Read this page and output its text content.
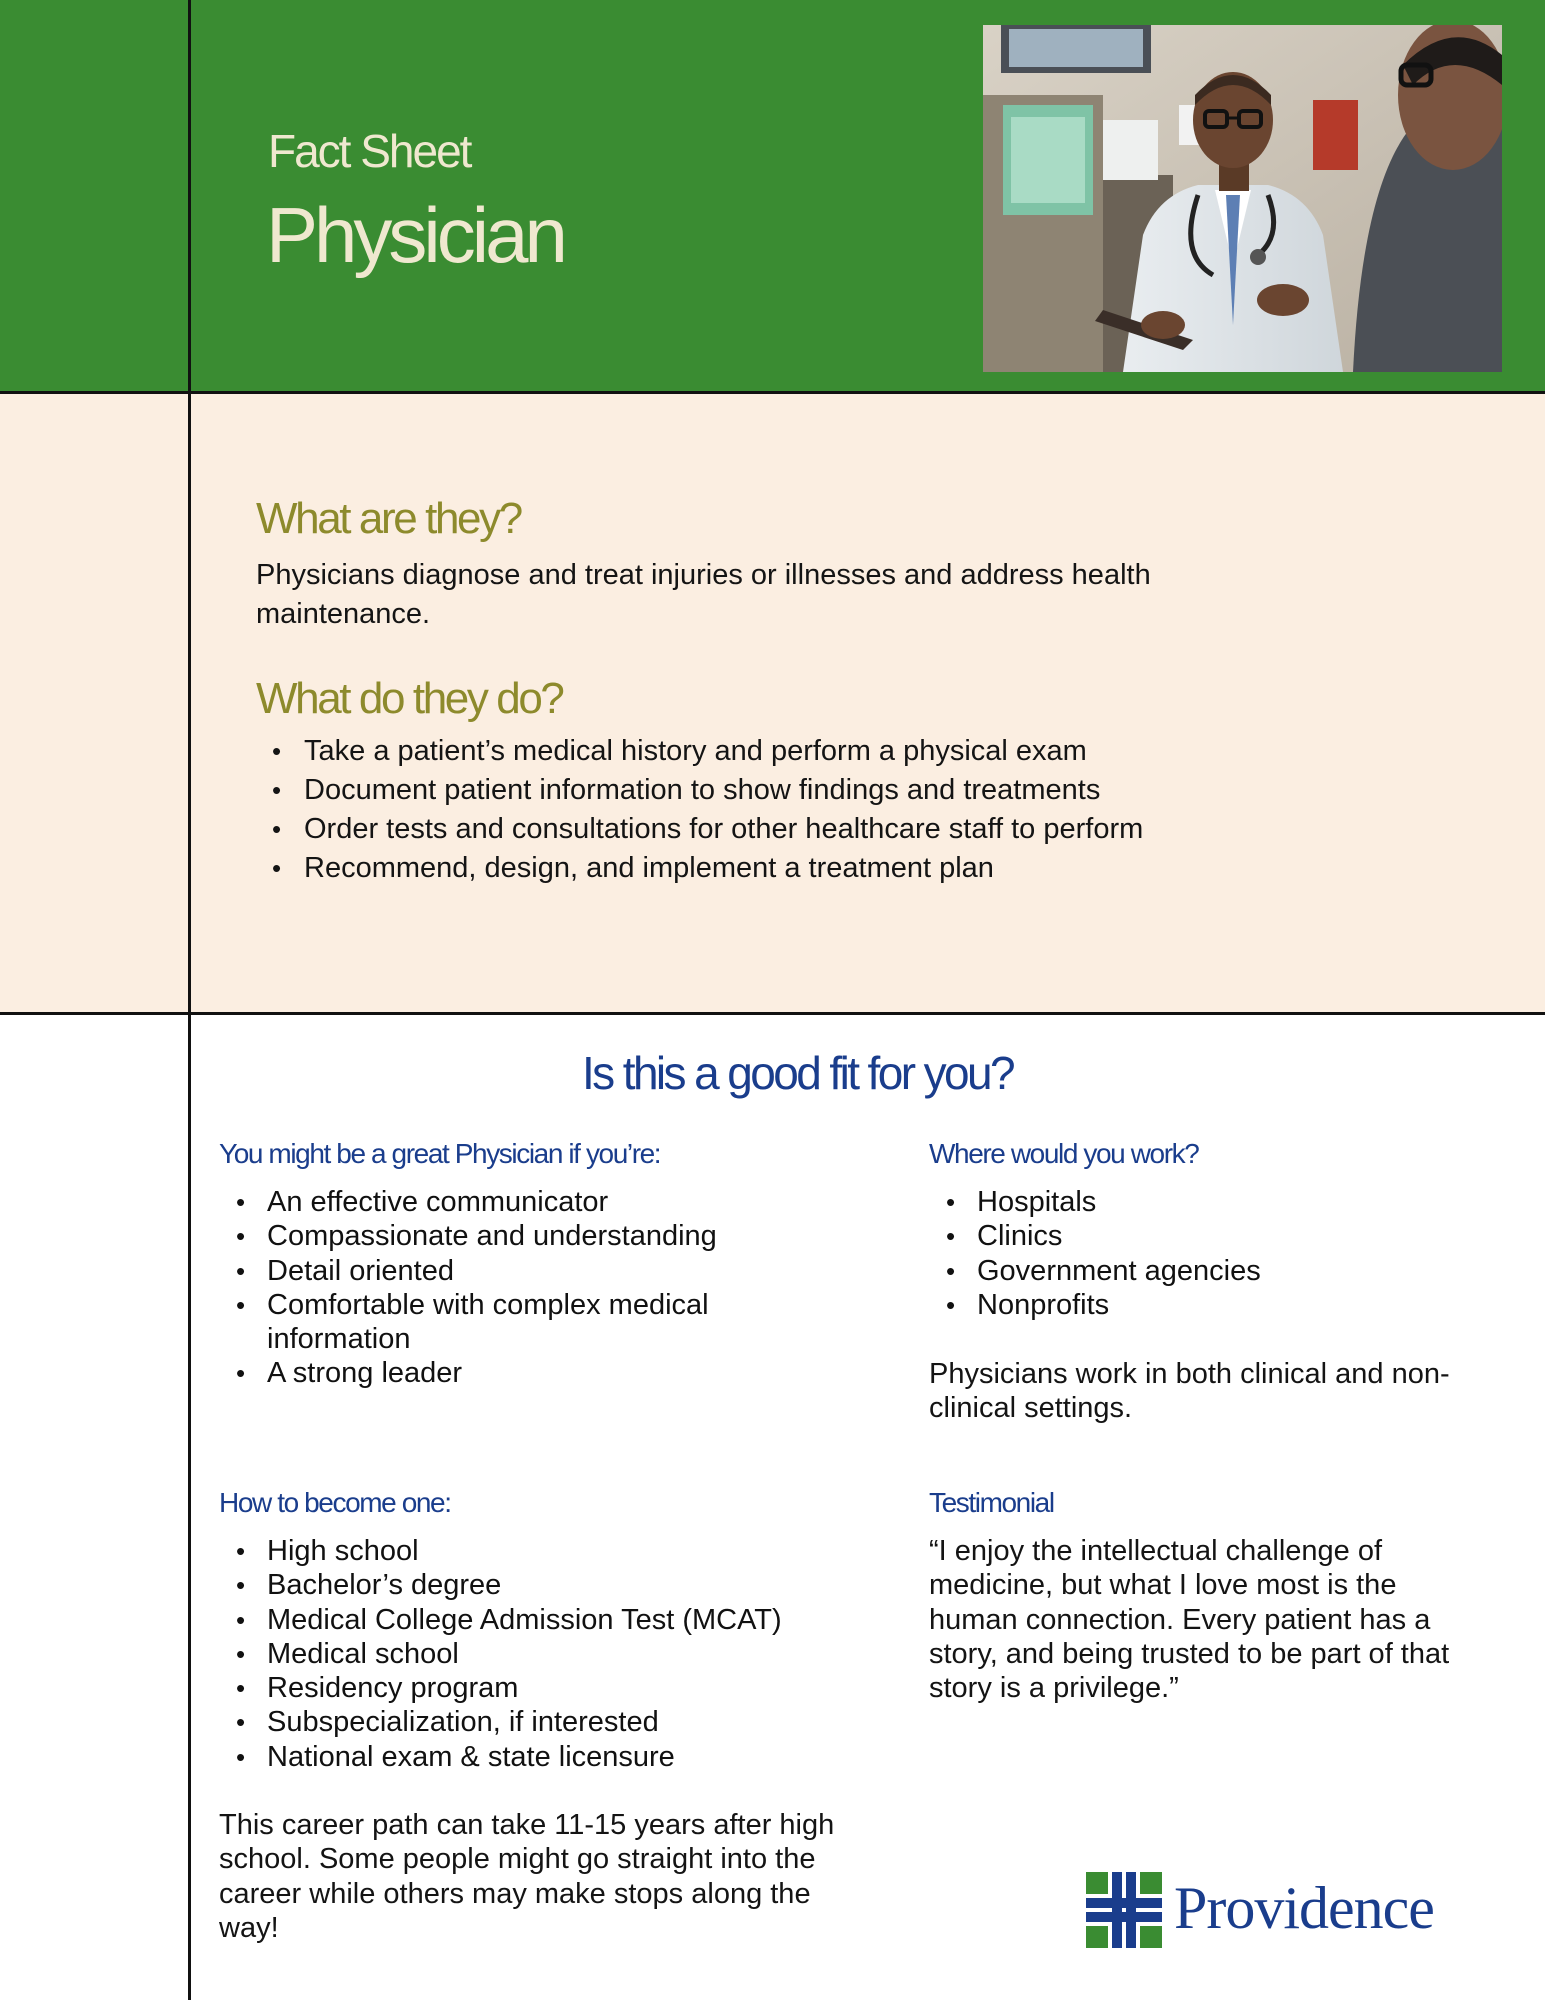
Fact Sheet
Physician
What are they?
Physicians diagnose and treat injuries or illnesses and address health maintenance.
What do they do?
• Take a patient’s medical history and perform a physical exam
• Document patient information to show findings and treatments
• Order tests and consultations for other healthcare staff to perform
• Recommend, design, and implement a treatment plan
Is this a good fit for you?
You might be a great Physician if you’re:
• An effective communicator
• Compassionate and understanding
• Detail oriented
• Comfortable with complex medical information
• A strong leader
How to become one:
• High school
• Bachelor’s degree
• Medical College Admission Test (MCAT)
• Medical school
• Residency program
• Subspecialization, if interested
• National exam & state licensure
This career path can take 11-15 years after high school. Some people might go straight into the career while others may make stops along the way!
Where would you work?
• Hospitals
• Clinics
• Government agencies
• Nonprofits
Physicians work in both clinical and non-clinical settings.
Testimonial
“I enjoy the intellectual challenge of medicine, but what I love most is the human connection. Every patient has a story, and being trusted to be part of that story is a privilege.”
Providence
